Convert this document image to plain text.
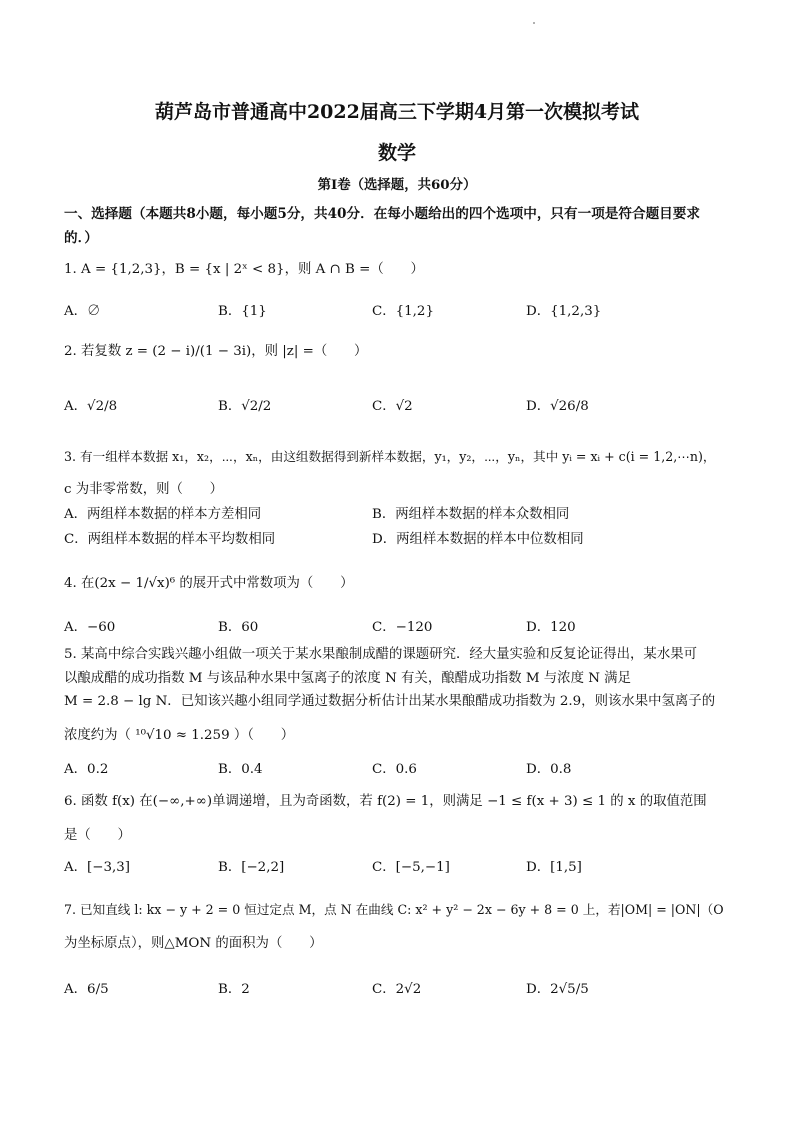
葫芦岛市普通高中2022届高三下学期4月第一次模拟考试
数学
第Ⅰ卷（选择题，共60分）
一、选择题（本题共8小题，每小题5分，共40分．在每小题给出的四个选项中，只有一项是符合题目要求
的．）
1. A = {1,2,3}，B = {x | 2ˣ < 8}，则 A ∩ B =（　　）
A．∅	B．{1}	C．{1,2}	D．{1,2,3}
2. 若复数 z = (2 − i)/(1 − 3i)，则 |z| =（　　）
A．√2/8	B．√2/2	C．√2	D．√26/8
3. 有一组样本数据 x₁，x₂，⋯，xₙ，由这组数据得到新样本数据，y₁，y₂，⋯，yₙ，其中 yᵢ = xᵢ + c(i = 1,2,⋯n)，
c 为非零常数，则（　　）
A．两组样本数据的样本方差相同	B．两组样本数据的样本众数相同
C．两组样本数据的样本平均数相同	D．两组样本数据的样本中位数相同
4. 在(2x − 1/√x)⁶ 的展开式中常数项为（　　）
A．−60	B．60	C．−120	D．120
5. 某高中综合实践兴趣小组做一项关于某水果酿制成醋的课题研究．经大量实验和反复论证得出，某水果可
以酿成醋的成功指数 M 与该品种水果中氢离子的浓度 N 有关，酿醋成功指数 M 与浓度 N 满足
M = 2.8 − lg N．已知该兴趣小组同学通过数据分析估计出某水果酿醋成功指数为 2.9，则该水果中氢离子的
浓度约为（ ¹⁰√10 ≈ 1.259 ）（　　）
A．0.2	B．0.4	C．0.6	D．0.8
6. 函数 f(x) 在(−∞,+∞)单调递增，且为奇函数，若 f(2) = 1，则满足 −1 ≤ f(x + 3) ≤ 1 的 x 的取值范围
是（　　）
A．[−3,3]	B．[−2,2]	C．[−5,−1]	D．[1,5]
7. 已知直线 l: kx − y + 2 = 0 恒过定点 M，点 N 在曲线 C: x² + y² − 2x − 6y + 8 = 0 上，若|OM| = |ON|（O
为坐标原点），则△MON 的面积为（　　）
A．6/5	B．2	C．2√2	D．2√5/5
